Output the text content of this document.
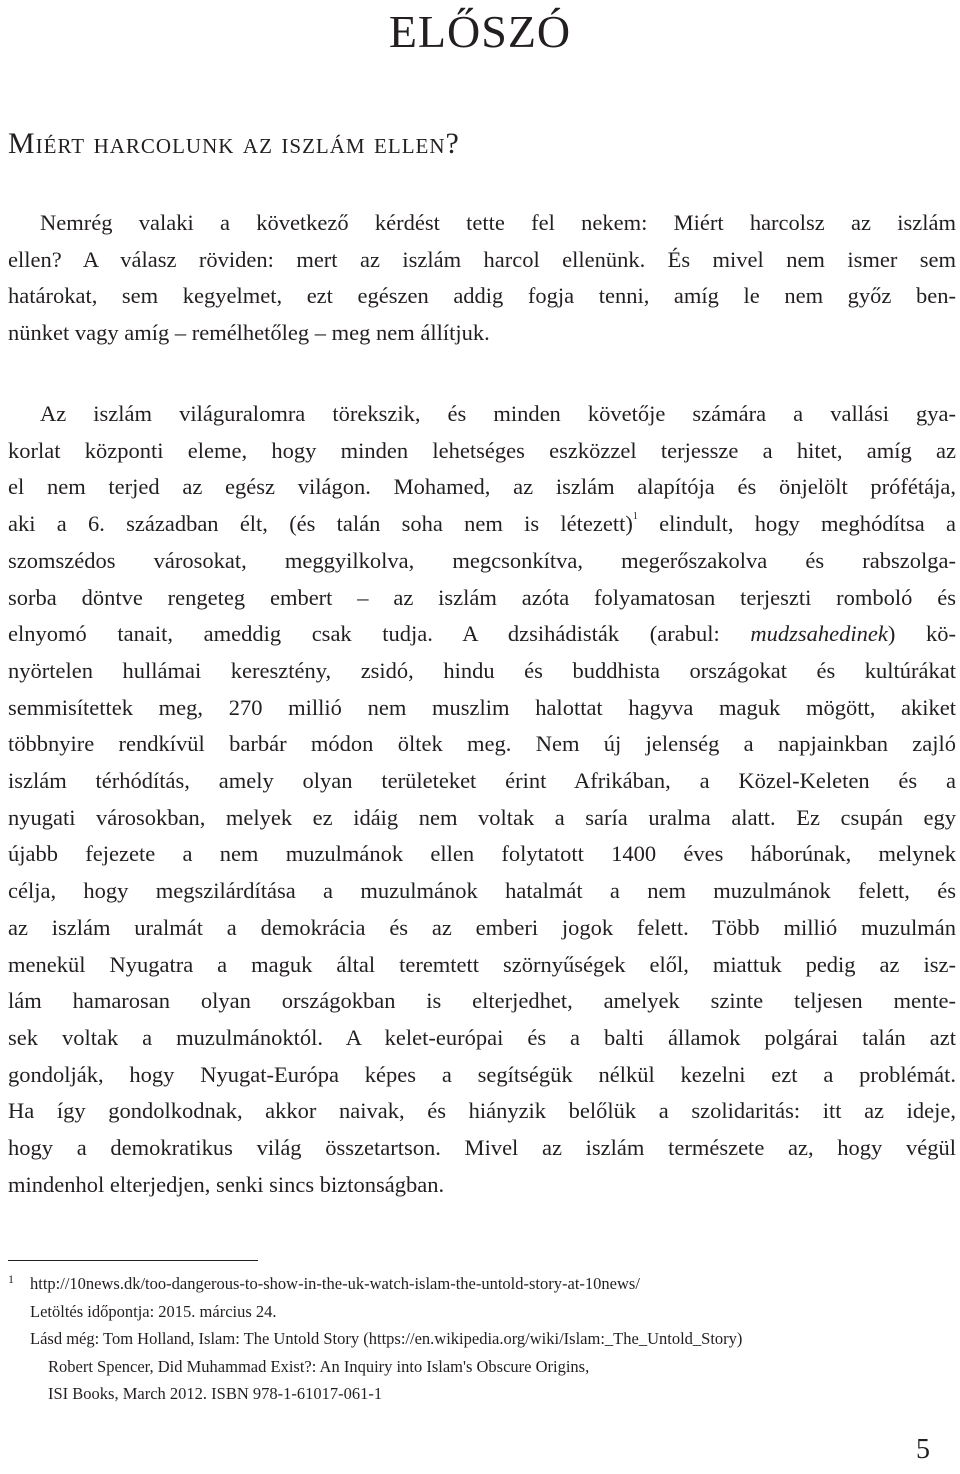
ELŐSZÓ
Miért harcolunk az iszlám ellen?
Nemrég valaki a következő kérdést tette fel nekem: Miért harcolsz az iszlám
ellen? A válasz röviden: mert az iszlám harcol ellenünk. És mivel nem ismer sem
határokat, sem kegyelmet, ezt egészen addig fogja tenni, amíg le nem győz ben-
nünket vagy amíg – remélhetőleg – meg nem állítjuk.
Az iszlám világuralomra törekszik, és minden követője számára a vallási gya-
korlat központi eleme, hogy minden lehetséges eszközzel terjessze a hitet, amíg az
el nem terjed az egész világon. Mohamed, az iszlám alapítója és önjelölt prófétája,
aki a 6. században élt, (és talán soha nem is létezett)$^1$ elindult, hogy meghódítsa a
szomszédos városokat, meggyilkolva, megcsonkítva, megerőszakolva és rabszolga-
sorba döntve rengeteg embert – az iszlám azóta folyamatosan terjeszti romboló és
elnyomó tanait, ameddig csak tudja. A dzsihádisták (arabul: mudzsahedinek) kö-
nyörtelen hullámai keresztény, zsidó, hindu és buddhista országokat és kultúrákat
semmisítettek meg, 270 millió nem muszlim halottat hagyva maguk mögött, akiket
többnyire rendkívül barbár módon öltek meg. Nem új jelenség a napjainkban zajló
iszlám térhódítás, amely olyan területeket érint Afrikában, a Közel-Keleten és a
nyugati városokban, melyek ez idáig nem voltak a saría uralma alatt. Ez csupán egy
újabb fejezete a nem muzulmánok ellen folytatott 1400 éves háborúnak, melynek
célja, hogy megszilárdítása a muzulmánok hatalmát a nem muzulmánok felett, és
az iszlám uralmát a demokrácia és az emberi jogok felett. Több millió muzulmán
menekül Nyugatra a maguk által teremtett szörnyűségek elől, miattuk pedig az isz-
lám hamarosan olyan országokban is elterjedhet, amelyek szinte teljesen mente-
sek voltak a muzulmánoktól. A kelet-európai és a balti államok polgárai talán azt
gondolják, hogy Nyugat-Európa képes a segítségük nélkül kezelni ezt a problémát.
Ha így gondolkodnak, akkor naivak, és hiányzik belőlük a szolidaritás: itt az ideje,
hogy a demokratikus világ összetartson. Mivel az iszlám természete az, hogy végül
mindenhol elterjedjen, senki sincs biztonságban.
1 http://10news.dk/too-dangerous-to-show-in-the-uk-watch-islam-the-untold-story-at-10news/
Letöltés időpontja: 2015. március 24.
Lásd még: Tom Holland, Islam: The Untold Story (https://en.wikipedia.org/wiki/Islam:_The_Untold_Story)
Robert Spencer, Did Muhammad Exist?: An Inquiry into Islam's Obscure Origins,
ISI Books, March 2012. ISBN 978-1-61017-061-1
5
